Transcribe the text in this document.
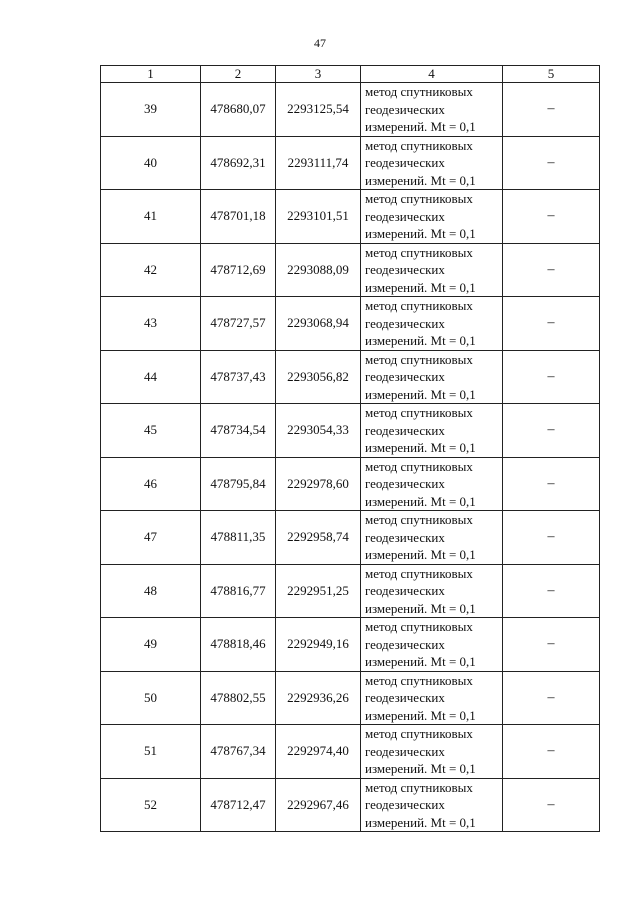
47
1	2	3	4	5
39	478680,07	2293125,54	метод спутниковых
геодезических
измерений. Mt = 0,1	–
40	478692,31	2293111,74	метод спутниковых
геодезических
измерений. Mt = 0,1	–
41	478701,18	2293101,51	метод спутниковых
геодезических
измерений. Mt = 0,1	–
42	478712,69	2293088,09	метод спутниковых
геодезических
измерений. Mt = 0,1	–
43	478727,57	2293068,94	метод спутниковых
геодезических
измерений. Mt = 0,1	–
44	478737,43	2293056,82	метод спутниковых
геодезических
измерений. Mt = 0,1	–
45	478734,54	2293054,33	метод спутниковых
геодезических
измерений. Mt = 0,1	–
46	478795,84	2292978,60	метод спутниковых
геодезических
измерений. Mt = 0,1	–
47	478811,35	2292958,74	метод спутниковых
геодезических
измерений. Mt = 0,1	–
48	478816,77	2292951,25	метод спутниковых
геодезических
измерений. Mt = 0,1	–
49	478818,46	2292949,16	метод спутниковых
геодезических
измерений. Mt = 0,1	–
50	478802,55	2292936,26	метод спутниковых
геодезических
измерений. Mt = 0,1	–
51	478767,34	2292974,40	метод спутниковых
геодезических
измерений. Mt = 0,1	–
52	478712,47	2292967,46	метод спутниковых
геодезических
измерений. Mt = 0,1	–
